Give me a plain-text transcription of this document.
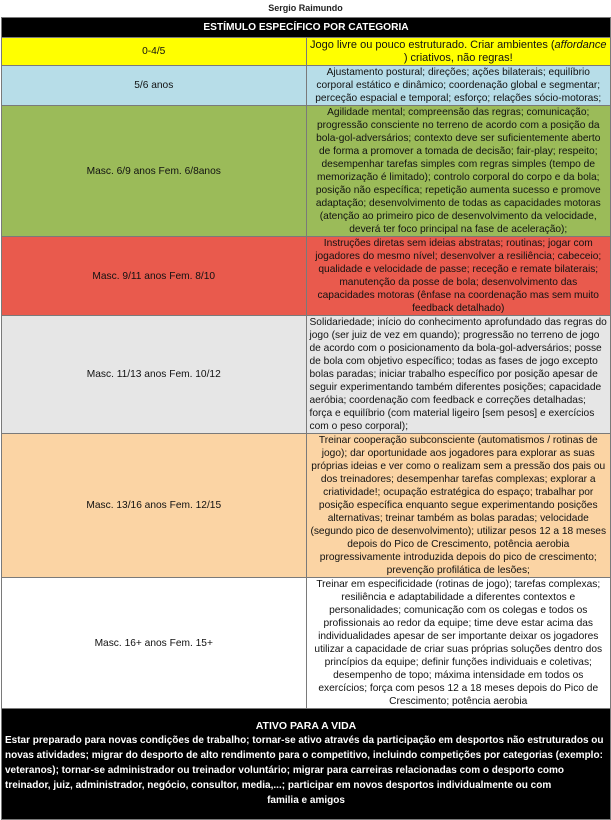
Sergio Raimundo
ESTÍMULO ESPECÍFICO POR CATEGORIA	
0-4/5	Jogo livre ou pouco estruturado. Criar ambientes (affordance ) criativos, não regras!
5/6 anos	Ajustamento postural; direções; ações bilaterais; equilíbrio corporal estático e dinâmico; coordenação global e segmentar; perceção espacial e temporal; esforço; relações sócio-motoras;
Masc. 6/9 anos Fem. 6/8anos	Agilidade mental; compreensão das regras; comunicação; progressão consciente no terreno de acordo com a posição da bola-gol-adversários; contexto deve ser suficientemente aberto de forma a promover a tomada de decisão; fair-play; respeito; desempenhar tarefas simples com regras simples (tempo de memorização é limitado); controlo corporal do corpo e da bola; posição não específica; repetição aumenta sucesso e promove adaptação; desenvolvimento de todas as capacidades motoras (atenção ao primeiro pico de desenvolvimento da velocidade, deverá ter foco principal na fase de aceleração);
Masc. 9/11 anos Fem. 8/10	Instruções diretas sem ideias abstratas; routinas; jogar com jogadores do mesmo nível; desenvolver a resiliência; cabeceio; qualidade e velocidade de passe; receção e remate bilaterais; manutenção da posse de bola; desenvolvimento das capacidades motoras (ênfase na coordenação mas sem muito feedback detalhado)
Masc. 11/13 anos Fem. 10/12	Solidariedade; início do conhecimento aprofundado das regras do jogo (ser juiz de vez em quando); progressão no terreno de jogo de acordo com o posicionamento da bola-gol-adversários; posse de bola com objetivo específico; todas as fases de jogo excepto bolas paradas; iniciar trabalho específico por posição apesar de seguir experimentando também diferentes posições; capacidade aeróbia; coordenação com feedback e correções detalhadas; força e equilíbrio (com material ligeiro [sem pesos] e exercícios com o peso corporal);
Masc. 13/16 anos Fem. 12/15	Treinar cooperação subconsciente (automatismos / rotinas de jogo); dar oportunidade aos jogadores para explorar as suas próprias ideias e ver como o realizam sem a pressão dos pais ou dos treinadores; desempenhar tarefas complexas; explorar a criatividade!; ocupação estratégica do espaço; trabalhar por posição específica enquanto segue experimentando posições alternativas; treinar também as bolas paradas; velocidade (segundo pico de desenvolvimento); utilizar pesos 12 a 18 meses depois do Pico de Crescimento, potência aerobia progressivamente introduzida depois do pico de crescimento; prevenção profilática de lesões;
Masc. 16+ anos Fem. 15+	Treinar em especificidade (rotinas de jogo); tarefas complexas; resiliência e adaptabilidade a diferentes contextos e personalidades; comunicação com os colegas e todos os profissionais ao redor da equipe; time deve estar acima das individualidades apesar de ser importante deixar os jogadores utilizar a capacidade de criar suas próprias soluções dentro dos princípios da equipe; definir funções individuais e coletivas; desempenho de topo; máxima intensidade em todos os exercícios; força com pesos 12 a 18 meses depois do Pico de Crescimento; potência aerobia

ATIVO PARA A VIDA
Estar preparado para novas condições de trabalho; tornar-se ativo através da participação em desportos não estruturados ou novas atividades; migrar do desporto de alto rendimento para o competitivo, incluindo competições por categorias (exemplo: veteranos); tornar-se administrador ou treinador voluntário; migrar para carreiras relacionadas com o desporto como treinador, juiz, administrador, negócio, consultor, media,...; participar em novos desportos individualmente ou com
familia e amigos	
